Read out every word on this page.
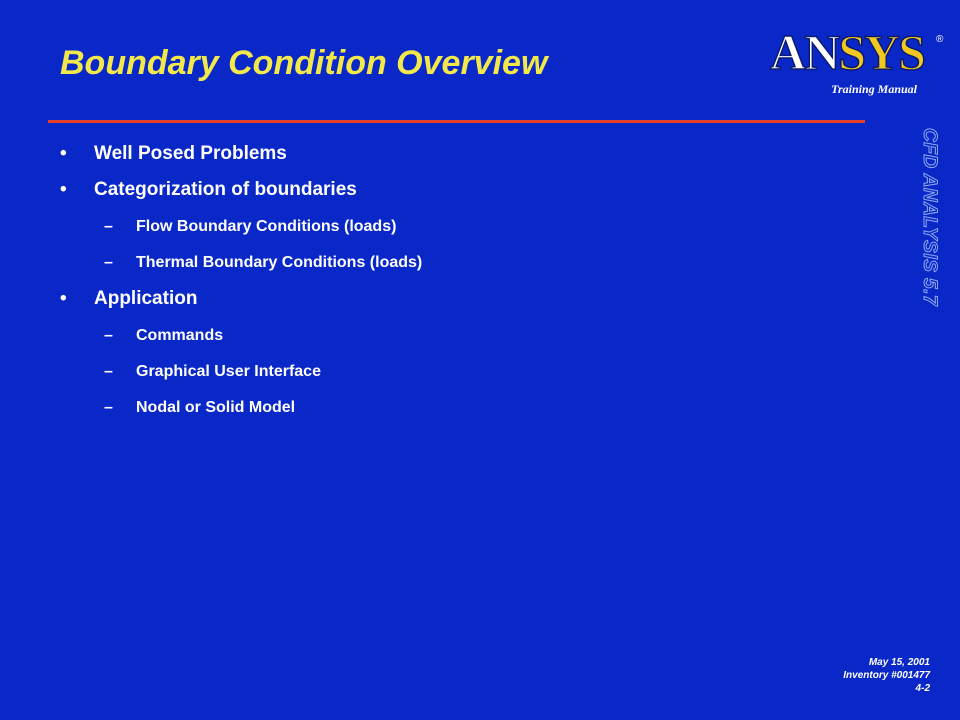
Boundary Condition Overview	ANSYS ®
Training Manual
CFD ANALYSIS 5.7
• Well Posed Problems
• Categorization of boundaries
– Flow Boundary Conditions (loads)
– Thermal Boundary Conditions (loads)
• Application
– Commands
– Graphical User Interface
– Nodal or Solid Model
May 15, 2001
Inventory #001477
4-2
